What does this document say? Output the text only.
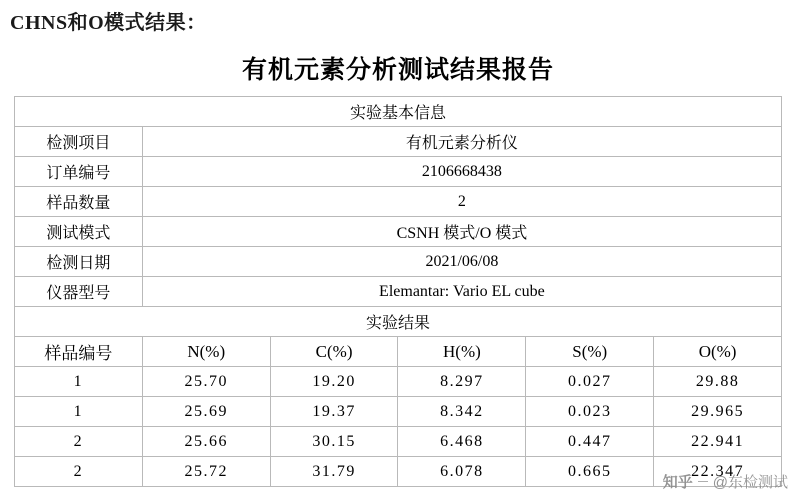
CHNS和O模式结果：
有机元素分析测试结果报告
实验基本信息					
检测项目	有机元素分析仪				
订单编号	2106668438				
样品数量	2				
测试模式	CSNH 模式/O 模式				
检测日期	2021/06/08				
仪器型号	Elemantar: Vario EL cube				
实验结果					
样品编号	N(%)	C(%)	H(%)	S(%)	O(%)
1	25.70	19.20	8.297	0.027	29.88
1	25.69	19.37	8.342	0.023	29.965
2	25.66	30.15	6.468	0.447	22.941
2	25.72	31.79	6.078	0.665	22.347
知乎 @东检测试
